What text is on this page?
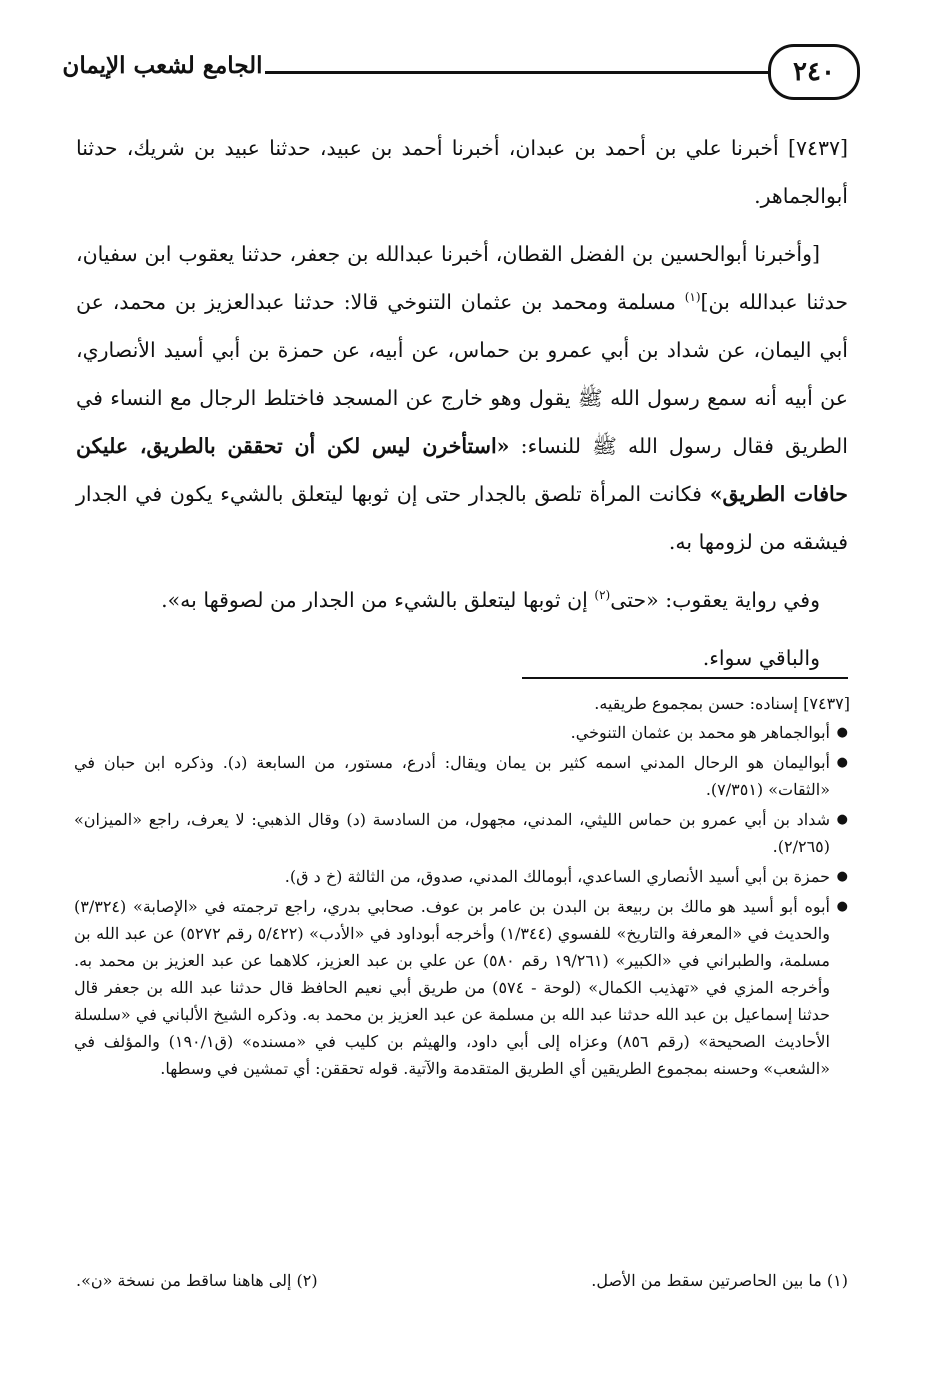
٢٤٠
الجامع لشعب الإيمان

[٧٤٣٧] أخبرنا علي بن أحمد بن عبدان، أخبرنا أحمد بن عبيد، حدثنا عبيد بن شريك، حدثنا أبوالجماهر.

[وأخبرنا أبوالحسين بن الفضل القطان، أخبرنا عبدالله بن جعفر، حدثنا يعقوب ابن سفيان، حدثنا عبدالله بن]$^{(١)}$ مسلمة ومحمد بن عثمان التنوخي قالا: حدثنا عبدالعزيز بن محمد، عن أبي اليمان، عن شداد بن أبي عمرو بن حماس، عن أبيه، عن حمزة بن أبي أسيد الأنصاري، عن أبيه أنه سمع رسول الله ﷺ يقول وهو خارج عن المسجد فاختلط الرجال مع النساء في الطريق فقال رسول الله ﷺ للنساء: «استأخرن ليس لكن أن تحققن بالطريق، عليكن حافات الطريق» فكانت المرأة تلصق بالجدار حتى إن ثوبها ليتعلق بالشيء يكون في الجدار فيشقه من لزومها به.

وفي رواية يعقوب: «حتى$^{(٢)}$ إن ثوبها ليتعلق بالشيء من الجدار من لصوقها به».

والباقي سواء.

[٧٤٣٧] إسناده: حسن بمجموع طريقيه.

●
أبوالجماهر هو محمد بن عثمان التنوخي.
●
أبواليمان هو الرحال المدني اسمه كثير بن يمان ويقال: أدرع، مستور، من السابعة (د). وذكره ابن حبان في «الثقات» (٧/٣٥١).
●
شداد بن أبي عمرو بن حماس الليثي، المدني، مجهول، من السادسة (د) وقال الذهبي: لا يعرف، راجع «الميزان» (٢/٢٦٥).
●
حمزة بن أبي أسيد الأنصاري الساعدي، أبومالك المدني، صدوق، من الثالثة (خ د ق).
●
أبوه أبو أسيد هو مالك بن ربيعة بن البدن بن عامر بن عوف. صحابي بدري، راجع ترجمته في «الإصابة» (٣/٣٢٤) والحديث في «المعرفة والتاريخ» للفسوي (١/٣٤٤) وأخرجه أبوداود في «الأدب» (٥/٤٢٢ رقم ٥٢٧٢) عن عبد الله بن مسلمة، والطبراني في «الكبير» (١٩/٢٦١ رقم ٥٨٠) عن علي بن عبد العزيز، كلاهما عن عبد العزيز بن محمد به. وأخرجه المزي في «تهذيب الكمال» (لوحة - ٥٧٤) من طريق أبي نعيم الحافظ قال حدثنا عبد الله بن جعفر قال حدثنا إسماعيل بن عبد الله حدثنا عبد الله بن مسلمة عن عبد العزيز بن محمد به. وذكره الشيخ الألباني في «سلسلة الأحاديث الصحيحة» (رقم ٨٥٦) وعزاه إلى أبي داود، والهيثم بن كليب في «مسنده» (ق١٩٠/١) والمؤلف في «الشعب» وحسنه بمجموع الطريقين أي الطريق المتقدمة والآتية. قوله تحققن: أي تمشين في وسطها.
(١) ما بين الحاصرتين سقط من الأصل.
(٢) إلى هاهنا ساقط من نسخة «ن».
